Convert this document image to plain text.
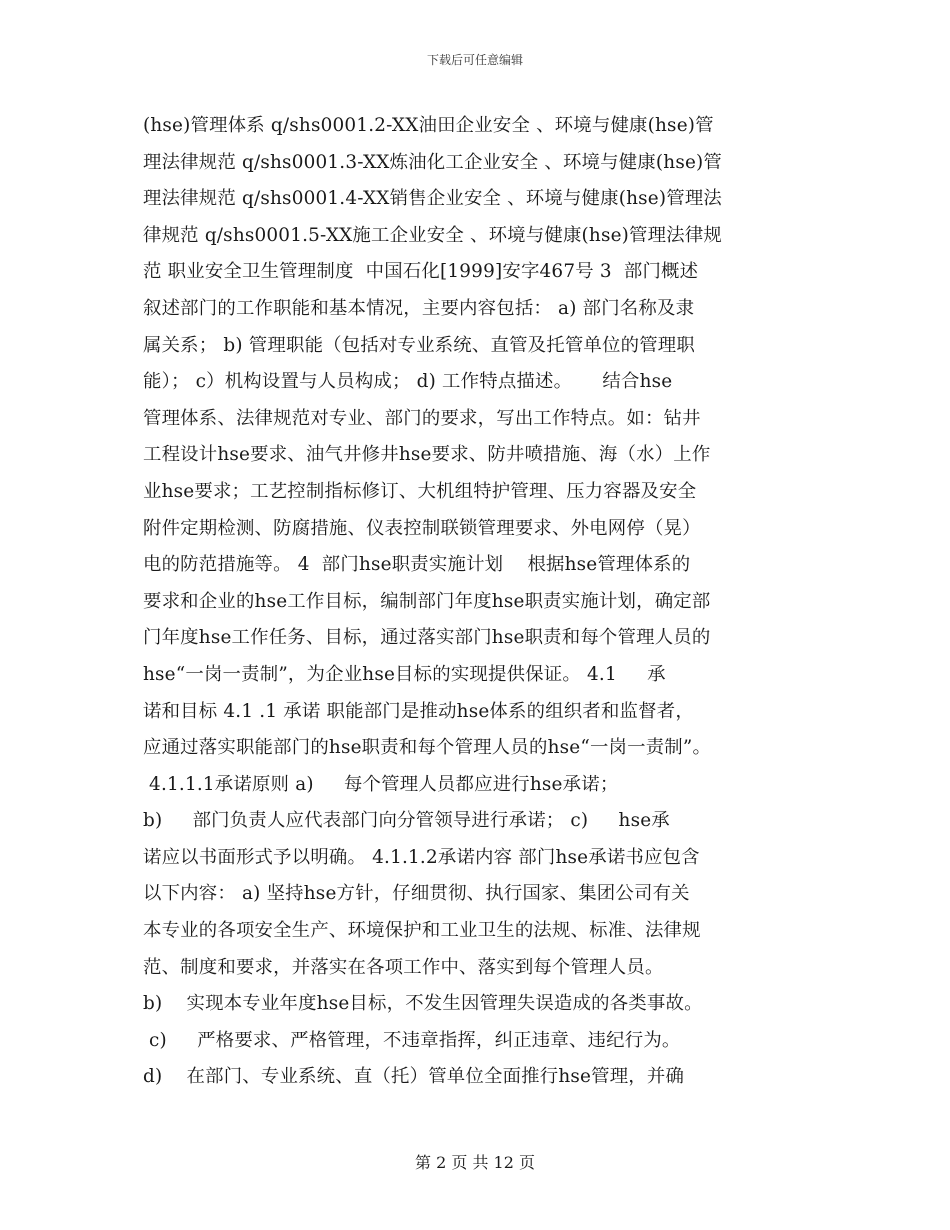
下载后可任意编辑
(hse)管理体系 q/shs0001.2-XX油田企业安全 、环境与健康(hse)管
理法律规范 q/shs0001.3-XX炼油化工企业安全 、环境与健康(hse)管
理法律规范 q/shs0001.4-XX销售企业安全 、环境与健康(hse)管理法
律规范 q/shs0001.5-XX施工企业安全 、环境与健康(hse)管理法律规
范 职业安全卫生管理制度  中国石化[1999]安字467号 3  部门概述
叙述部门的工作职能和基本情况，主要内容包括： a) 部门名称及隶
属关系； b) 管理职能（包括对专业系统、直管及托管单位的管理职
能）； c）机构设置与人员构成； d) 工作特点描述。     结合hse
管理体系、法律规范对专业、部门的要求，写出工作特点。如：钻井
工程设计hse要求、油气井修井hse要求、防井喷措施、海（水）上作
业hse要求；工艺控制指标修订、大机组特护管理、压力容器及安全
附件定期检测、防腐措施、仪表控制联锁管理要求、外电网停（晃）
电的防范措施等。 4  部门hse职责实施计划    根据hse管理体系的
要求和企业的hse工作目标，编制部门年度hse职责实施计划，确定部
门年度hse工作任务、目标，通过落实部门hse职责和每个管理人员的
hse“一岗一责制”，为企业hse目标的实现提供保证。 4.1     承
诺和目标 4.1 .1 承诺 职能部门是推动hse体系的组织者和监督者，
应通过落实职能部门的hse职责和每个管理人员的hse“一岗一责制”。
4.1.1.1承诺原则 a)     每个管理人员都应进行hse承诺；
b)     部门负责人应代表部门向分管领导进行承诺； c)     hse承
诺应以书面形式予以明确。 4.1.1.2承诺内容 部门hse承诺书应包含
以下内容： a) 坚持hse方针，仔细贯彻、执行国家、集团公司有关
本专业的各项安全生产、环境保护和工业卫生的法规、标准、法律规
范、制度和要求，并落实在各项工作中、落实到每个管理人员。
b)    实现本专业年度hse目标，不发生因管理失误造成的各类事故。
c)     严格要求、严格管理，不违章指挥，纠正违章、违纪行为。
d)    在部门、专业系统、直（托）管单位全面推行hse管理，并确
第 2 页 共 12 页
